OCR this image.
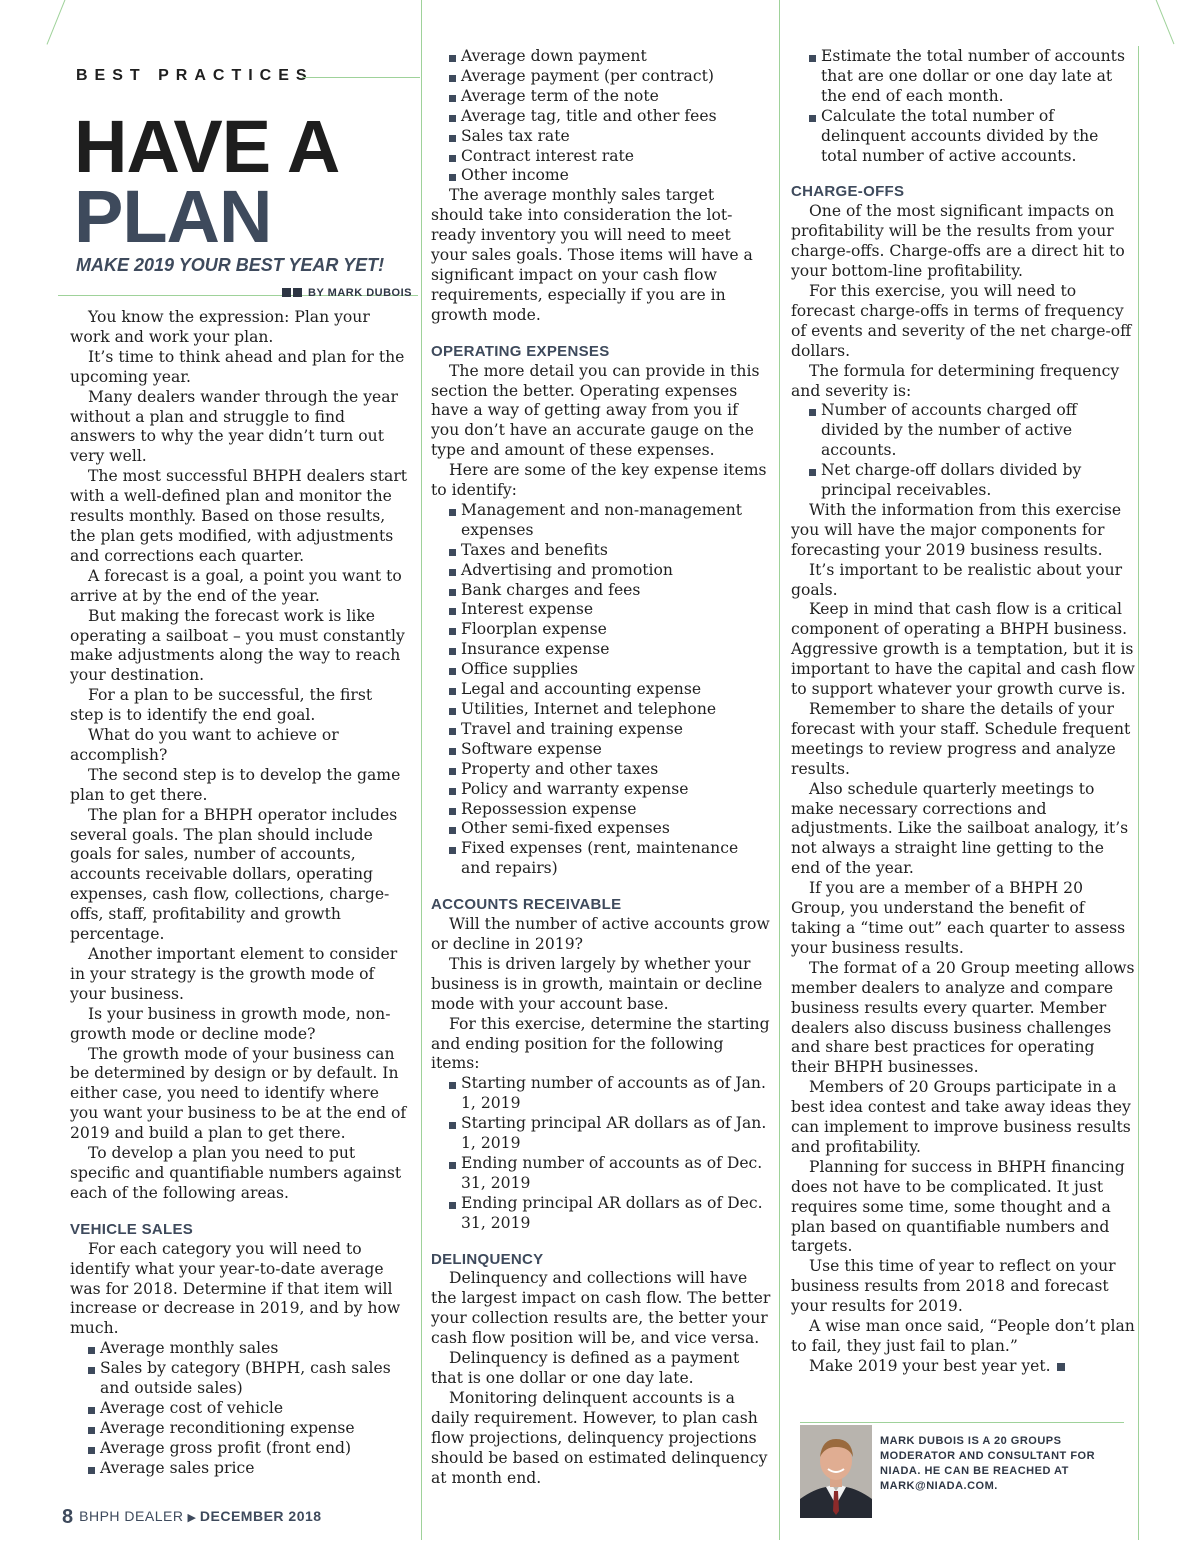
BEST PRACTICES
HAVE A
PLAN
MAKE 2019 YOUR BEST YEAR YET!
BY MARK DUBOIS

You know the expression: Plan your work and work your plan.

It’s time to think ahead and plan for the upcoming year.

Many dealers wander through the year without a plan and struggle to find answers to why the year didn’t turn out very well.

The most successful BHPH dealers start with a well-defined plan and monitor the results monthly. Based on those results, the plan gets modified, with adjustments and corrections each quarter.

A forecast is a goal, a point you want to arrive at by the end of the year.

But making the forecast work is like operating a sailboat – you must constantly make adjustments along the way to reach your destination.

For a plan to be successful, the first step is to identify the end goal.

What do you want to achieve or accomplish?

The second step is to develop the game plan to get there.

The plan for a BHPH operator includes several goals. The plan should include goals for sales, number of accounts, accounts receivable dollars, operating expenses, cash flow, collections, charge-offs, staff, profitability and growth percentage.

Another important element to consider in your strategy is the growth mode of your business.

Is your business in growth mode, non-growth mode or decline mode?

The growth mode of your business can be determined by design or by default. In either case, you need to identify where you want your business to be at the end of 2019 and build a plan to get there.

To develop a plan you need to put specific and quantifiable numbers against each of the following areas.

VEHICLE SALES

For each category you will need to identify what your year-to-date average was for 2018. Determine if that item will increase or decrease in 2019, and by how much.

Average monthly sales
Sales by category (BHPH, cash sales and outside sales)
Average cost of vehicle
Average reconditioning expense
Average gross profit (front end)
Average sales price
Average down payment
Average payment (per contract)
Average term of the note
Average tag, title and other fees
Sales tax rate
Contract interest rate
Other income

The average monthly sales target should take into consideration the lot-ready inventory you will need to meet your sales goals. Those items will have a significant impact on your cash flow requirements, especially if you are in growth mode.

OPERATING EXPENSES

The more detail you can provide in this section the better. Operating expenses have a way of getting away from you if you don’t have an accurate gauge on the type and amount of these expenses.

Here are some of the key expense items to identify:

Management and non-management expenses
Taxes and benefits
Advertising and promotion
Bank charges and fees
Interest expense
Floorplan expense
Insurance expense
Office supplies
Legal and accounting expense
Utilities, Internet and telephone
Travel and training expense
Software expense
Property and other taxes
Policy and warranty expense
Repossession expense
Other semi-fixed expenses
Fixed expenses (rent, maintenance and repairs)
ACCOUNTS RECEIVABLE

Will the number of active accounts grow or decline in 2019?

This is driven largely by whether your business is in growth, maintain or decline mode with your account base.

For this exercise, determine the starting and ending position for the following items:

Starting number of accounts as of Jan. 1, 2019
Starting principal AR dollars as of Jan. 1, 2019
Ending number of accounts as of Dec. 31, 2019
Ending principal AR dollars as of Dec. 31, 2019
DELINQUENCY

Delinquency and collections will have the largest impact on cash flow. The better your collection results are, the better your cash flow position will be, and vice versa.

Delinquency is defined as a payment that is one dollar or one day late.

Monitoring delinquent accounts is a daily requirement. However, to plan cash flow projections, delinquency projections should be based on estimated delinquency at month end.

Estimate the total number of accounts that are one dollar or one day late at the end of each month.
Calculate the total number of delinquent accounts divided by the total number of active accounts.
CHARGE-OFFS

One of the most significant impacts on profitability will be the results from your charge-offs. Charge-offs are a direct hit to your bottom-line profitability.

For this exercise, you will need to forecast charge-offs in terms of frequency of events and severity of the net charge-off dollars.

The formula for determining frequency and severity is:

Number of accounts charged off divided by the number of active accounts.
Net charge-off dollars divided by principal receivables.

With the information from this exercise you will have the major components for forecasting your 2019 business results.

It’s important to be realistic about your goals.

Keep in mind that cash flow is a critical component of operating a BHPH business. Aggressive growth is a temptation, but it is important to have the capital and cash flow to support whatever your growth curve is.

Remember to share the details of your forecast with your staff. Schedule frequent meetings to review progress and analyze results.

Also schedule quarterly meetings to make necessary corrections and adjustments. Like the sailboat analogy, it’s not always a straight line getting to the end of the year.

If you are a member of a BHPH 20 Group, you understand the benefit of taking a “time out” each quarter to assess your business results.

The format of a 20 Group meeting allows member dealers to analyze and compare business results every quarter. Member dealers also discuss business challenges and share best practices for operating their BHPH businesses.

Members of 20 Groups participate in a best idea contest and take away ideas they can implement to improve business results and profitability.

Planning for success in BHPH financing does not have to be complicated. It just requires some time, some thought and a plan based on quantifiable numbers and targets.

Use this time of year to reflect on your business results from 2018 and forecast your results for 2019.

A wise man once said, “People don’t plan to fail, they just fail to plan.”

Make 2019 your best year yet.

MARK DUBOIS IS A 20 GROUPS MODERATOR AND CONSULTANT FOR NIADA. HE CAN BE REACHED AT MARK@NIADA.COM.
8 BHPH DEALER ▶ DECEMBER 2018
